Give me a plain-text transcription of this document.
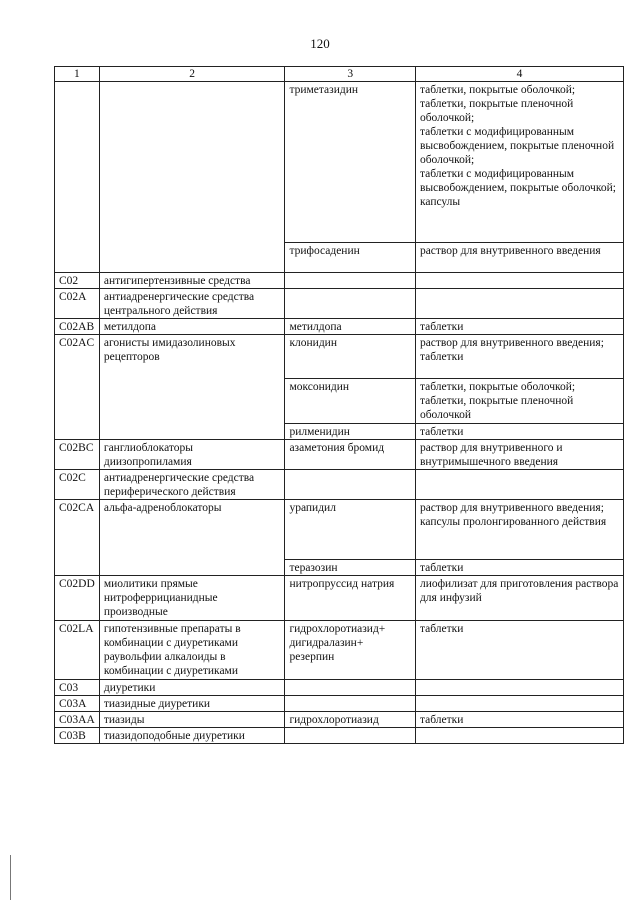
120
1	2	3	4
		триметазидин	таблетки, покрытые оболочкой;
таблетки, покрытые пленочной оболочкой;
таблетки с модифицированным высвобождением, покрытые пленочной оболочкой;
таблетки с модифицированным высвобождением, покрытые оболочкой;
капсулы
		трифосаденин	раствор для внутривенного введения
C02	антигипертензивные средства		
C02A	антиадренергические средства центрального действия		
C02AB	метилдопа	метилдопа	таблетки
C02AC	агонисты имидазолиновых рецепторов	клонидин	раствор для внутривенного введения;
таблетки
		моксонидин	таблетки, покрытые оболочкой;
таблетки, покрытые пленочной оболочкой
		рилменидин	таблетки
C02BC	ганглиоблокаторы диизопропиламия	азаметония бромид	раствор для внутривенного и внутримышечного введения
C02C	антиадренергические средства периферического действия		
C02CA	альфа-адреноблокаторы	урапидил	раствор для внутривенного введения;
капсулы пролонгированного действия
		теразозин	таблетки
C02DD	миолитики прямые нитроферрицианидные производные	нитропруссид натрия	лиофилизат для приготовления раствора для инфузий
C02LA	гипотензивные препараты в комбинации с диуретиками раувольфии алкалоиды в комбинации с диуретиками	гидрохлоротиазид+ дигидралазин+ резерпин	таблетки
C03	диуретики		
C03A	тиазидные диуретики		
C03AA	тиазиды	гидрохлоротиазид	таблетки
C03B	тиазидоподобные диуретики		
